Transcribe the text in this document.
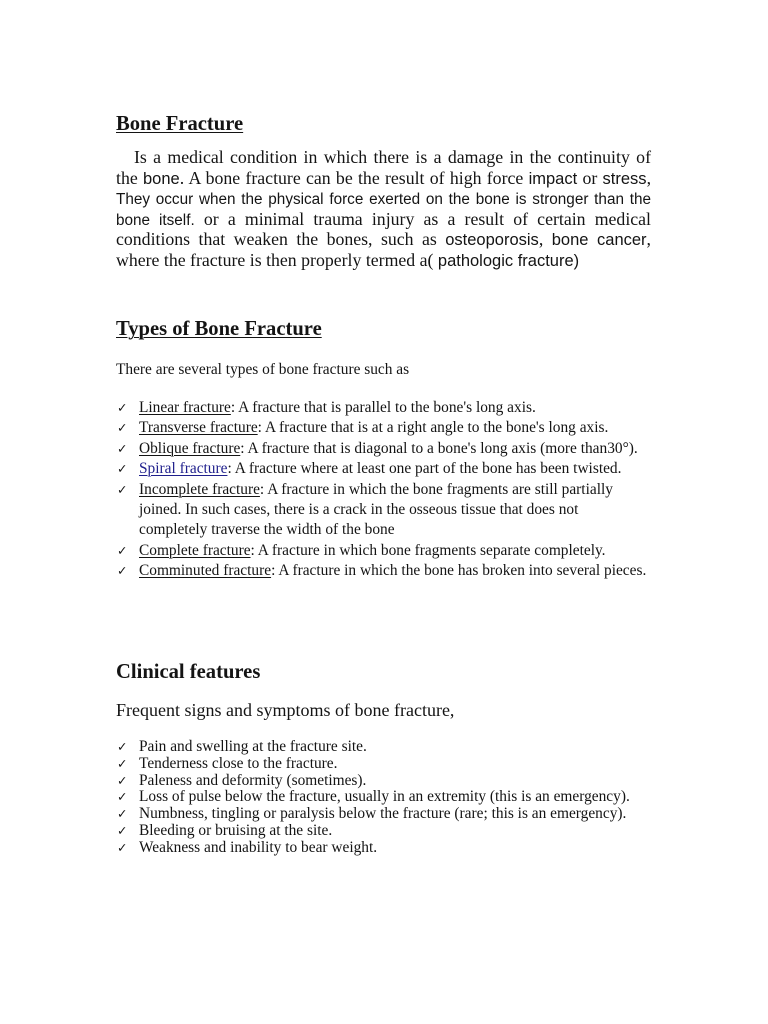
Bone Fracture
Is a medical condition in which there is a damage in the continuity of
the bone. A bone fracture can be the result of high force impact or stress,
They occur when the physical force exerted on the bone is stronger than the
bone itself. or a minimal trauma injury as a result of certain medical
conditions that weaken the bones, such as osteoporosis, bone cancer,
where the fracture is then properly termed a( pathologic fracture)
Types of Bone Fracture

There are several types of bone fracture such as

✓
Linear fracture: A fracture that is parallel to the bone's long axis.
✓
Transverse fracture: A fracture that is at a right angle to the bone's long axis.
✓
Oblique fracture: A fracture that is diagonal to a bone's long axis (more than30°).
✓
Spiral fracture: A fracture where at least one part of the bone has been twisted.
✓
Incomplete fracture: A fracture in which the bone fragments are still partially joined. In such cases, there is a crack in the osseous tissue that does not completely traverse the width of the bone
✓
Complete fracture: A fracture in which bone fragments separate completely.
✓
Comminuted fracture: A fracture in which the bone has broken into several pieces.
Clinical features

Frequent signs and symptoms of bone fracture,

✓
Pain and swelling at the fracture site.
✓
Tenderness close to the fracture.
✓
Paleness and deformity (sometimes).
✓
Loss of pulse below the fracture, usually in an extremity (this is an emergency).
✓
Numbness, tingling or paralysis below the fracture (rare; this is an emergency).
✓
Bleeding or bruising at the site.
✓
Weakness and inability to bear weight.
